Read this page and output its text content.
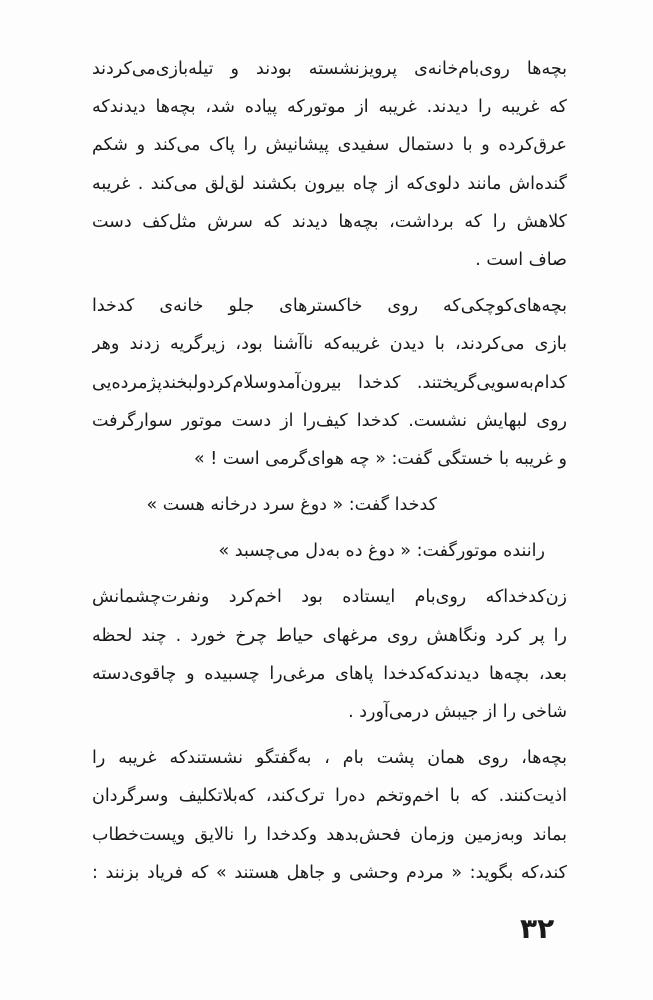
بچه‌ها روی‌بام‌خانه‌ی پرویزنشسته بودند و تیله‌بازی‌می‌کردند
که غریبه را دیدند. غریبه از موتورکه پیاده شد، بچه‌ها دیدندکه
عرق‌کرده و با دستمال سفیدی پیشانیش را پاک می‌کند و شکم
گنده‌اش مانند دلوی‌که از چاه بیرون بکشند لق‌لق می‌کند . غریبه
کلاهش را که برداشت، بچه‌ها دیدند که سرش مثل‌کف دست
صاف است .
بچه‌های‌کوچکی‌که روی خاکسترهای جلو خانه‌ی کدخدا
بازی می‌کردند، با دیدن غریبه‌که ناآشنا بود، زیرگریه زدند وهر
کدام‌به‌سویی‌گریختند. کدخدا بیرون‌آمدو‌سلام‌کردو‌لبخندپژمرده‌یی
روی لبهایش نشست. کدخدا کیف‌را از دست موتور سوارگرفت
و غریبه با خستگی گفت: « چه هوای‌گرمی است ! »
کدخدا گفت: « دوغ سرد درخانه هست »
راننده موتورگفت: « دوغ ده به‌دل می‌چسبد »
زن‌کدخداکه روی‌بام ایستاده بود اخم‌کرد ونفرت‌چشمانش
را پر کرد ونگاهش روی مرغهای حیاط چرخ خورد . چند لحظه
بعد، بچه‌ها دیدندکه‌کدخدا پاهای مرغی‌را چسبیده و چاقوی‌دسته
شاخی را از جیبش درمی‌آورد .
بچه‌ها، روی همان پشت بام ، به‌گفتگو نشستندکه غریبه را
اذیت‌کنند. که با اخم‌وتخم ده‌را ترک‌کند، که‌بلاتکلیف و‌سرگردان
بماند و‌به‌زمین وزمان فحش‌بدهد و‌کدخدا را نالایق و‌پست‌خطاب
کند،که بگوید: « مردم وحشی و جاهل هستند » که فریاد بزنند :
۳۲
